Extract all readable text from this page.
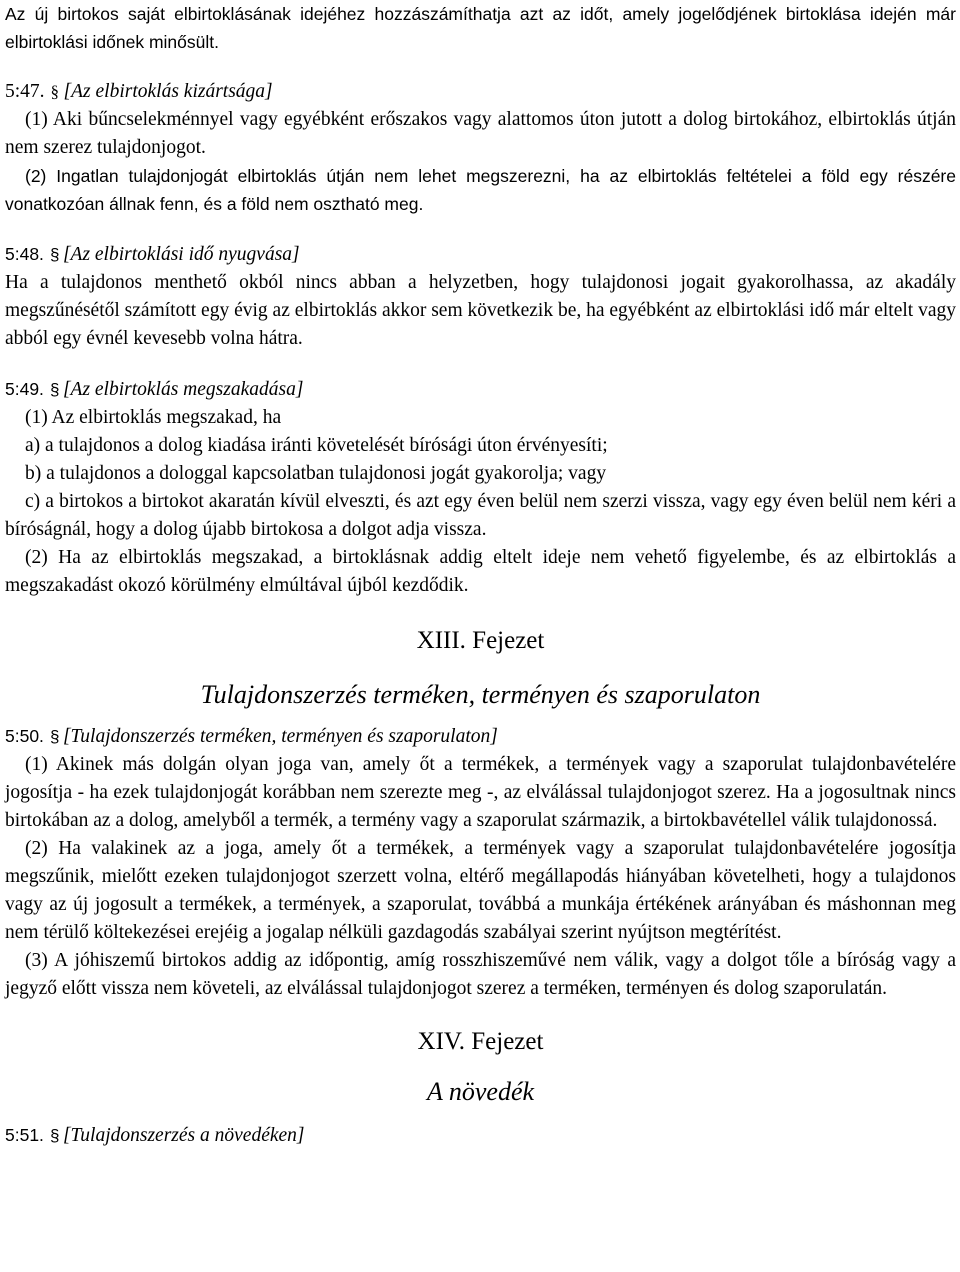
Az új birtokos saját elbirtoklásának idejéhez hozzászámíthatja azt az időt, amely jogelődjének birtoklása idején már elbirtoklási időnek minősült.

5:47. § [Az elbirtoklás kizártsága]

(1) Aki bűncselekménnyel vagy egyébként erőszakos vagy alattomos úton jutott a dolog birtokához, elbirtoklás útján nem szerez tulajdonjogot.

(2) Ingatlan tulajdonjogát elbirtoklás útján nem lehet megszerezni, ha az elbirtoklás feltételei a föld egy részére vonatkozóan állnak fenn, és a föld nem osztható meg.

5:48. § [Az elbirtoklási idő nyugvása]

Ha a tulajdonos menthető okból nincs abban a helyzetben, hogy tulajdonosi jogait gyakorolhassa, az akadály megszűnésétől számított egy évig az elbirtoklás akkor sem következik be, ha egyébként az elbirtoklási idő már eltelt vagy abból egy évnél kevesebb volna hátra.

5:49. § [Az elbirtoklás megszakadása]

(1) Az elbirtoklás megszakad, ha

a) a tulajdonos a dolog kiadása iránti követelését bírósági úton érvényesíti;

b) a tulajdonos a dologgal kapcsolatban tulajdonosi jogát gyakorolja; vagy

c) a birtokos a birtokot akaratán kívül elveszti, és azt egy éven belül nem szerzi vissza, vagy egy éven belül nem kéri a bíróságnál, hogy a dolog újabb birtokosa a dolgot adja vissza.

(2) Ha az elbirtoklás megszakad, a birtoklásnak addig eltelt ideje nem vehető figyelembe, és az elbirtoklás a megszakadást okozó körülmény elmúltával újból kezdődik.

XIII. Fejezet
Tulajdonszerzés terméken, terményen és szaporulaton

5:50. § [Tulajdonszerzés terméken, terményen és szaporulaton]

(1) Akinek más dolgán olyan joga van, amely őt a termékek, a termények vagy a szaporulat tulajdonbavételére jogosítja - ha ezek tulajdonjogát korábban nem szerezte meg -, az elválással tulajdonjogot szerez. Ha a jogosultnak nincs birtokában az a dolog, amelyből a termék, a termény vagy a szaporulat származik, a birtokbavétellel válik tulajdonossá.

(2) Ha valakinek az a joga, amely őt a termékek, a termények vagy a szaporulat tulajdonbavételére jogosítja megszűnik, mielőtt ezeken tulajdonjogot szerzett volna, eltérő megállapodás hiányában követelheti, hogy a tulajdonos vagy az új jogosult a termékek, a termények, a szaporulat, továbbá a munkája értékének arányában és máshonnan meg nem térülő költekezései erejéig a jogalap nélküli gazdagodás szabályai szerint nyújtson megtérítést.

(3) A jóhiszemű birtokos addig az időpontig, amíg rosszhiszeművé nem válik, vagy a dolgot tőle a bíróság vagy a jegyző előtt vissza nem követeli, az elválással tulajdonjogot szerez a terméken, terményen és dolog szaporulatán.

XIV. Fejezet
A növedék

5:51. § [Tulajdonszerzés a növedéken]
